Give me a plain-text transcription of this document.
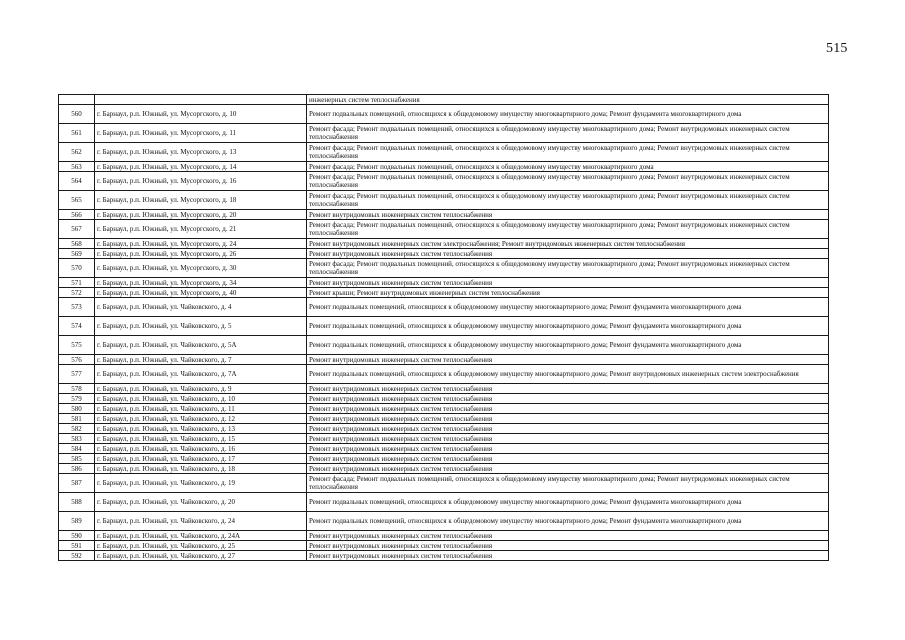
515
		инженерных систем теплоснабжения
560	г. Барнаул, р.п. Южный, ул. Мусоргского, д. 10	Ремонт подвальных помещений, относящихся к общедомовому имуществу многоквартирного дома; Ремонт фундамента многоквартирного дома
561	г. Барнаул, р.п. Южный, ул. Мусоргского, д. 11	Ремонт фасада; Ремонт подвальных помещений, относящихся к общедомовому имуществу многоквартирного дома; Ремонт внутридомовых инженерных систем теплоснабжения
562	г. Барнаул, р.п. Южный, ул. Мусоргского, д. 13	Ремонт фасада; Ремонт подвальных помещений, относящихся к общедомовому имуществу многоквартирного дома; Ремонт внутридомовых инженерных систем теплоснабжения
563	г. Барнаул, р.п. Южный, ул. Мусоргского, д. 14	Ремонт фасада; Ремонт подвальных помещений, относящихся к общедомовому имуществу многоквартирного дома
564	г. Барнаул, р.п. Южный, ул. Мусоргского, д. 16	Ремонт фасада; Ремонт подвальных помещений, относящихся к общедомовому имуществу многоквартирного дома; Ремонт внутридомовых инженерных систем теплоснабжения
565	г. Барнаул, р.п. Южный, ул. Мусоргского, д. 18	Ремонт фасада; Ремонт подвальных помещений, относящихся к общедомовому имуществу многоквартирного дома; Ремонт внутридомовых инженерных систем теплоснабжения
566	г. Барнаул, р.п. Южный, ул. Мусоргского, д. 20	Ремонт внутридомовых инженерных систем теплоснабжения
567	г. Барнаул, р.п. Южный, ул. Мусоргского, д. 21	Ремонт фасада; Ремонт подвальных помещений, относящихся к общедомовому имуществу многоквартирного дома; Ремонт внутридомовых инженерных систем теплоснабжения
568	г. Барнаул, р.п. Южный, ул. Мусоргского, д. 24	Ремонт внутридомовых инженерных систем электроснабжения; Ремонт внутридомовых инженерных систем теплоснабжения
569	г. Барнаул, р.п. Южный, ул. Мусоргского, д. 26	Ремонт внутридомовых инженерных систем теплоснабжения
570	г. Барнаул, р.п. Южный, ул. Мусоргского, д. 30	Ремонт фасада; Ремонт подвальных помещений, относящихся к общедомовому имуществу многоквартирного дома; Ремонт внутридомовых инженерных систем теплоснабжения
571	г. Барнаул, р.п. Южный, ул. Мусоргского, д. 34	Ремонт внутридомовых инженерных систем теплоснабжения
572	г. Барнаул, р.п. Южный, ул. Мусоргского, д. 40	Ремонт крыши; Ремонт внутридомовых инженерных систем теплоснабжения
573	г. Барнаул, р.п. Южный, ул. Чайковского, д. 4	Ремонт подвальных помещений, относящихся к общедомовому имуществу многоквартирного дома; Ремонт фундамента многоквартирного дома
574	г. Барнаул, р.п. Южный, ул. Чайковского, д. 5	Ремонт подвальных помещений, относящихся к общедомовому имуществу многоквартирного дома; Ремонт фундамента многоквартирного дома
575	г. Барнаул, р.п. Южный, ул. Чайковского, д. 5А	Ремонт подвальных помещений, относящихся к общедомовому имуществу многоквартирного дома; Ремонт фундамента многоквартирного дома
576	г. Барнаул, р.п. Южный, ул. Чайковского, д. 7	Ремонт внутридомовых инженерных систем теплоснабжения
577	г. Барнаул, р.п. Южный, ул. Чайковского, д. 7А	Ремонт подвальных помещений, относящихся к общедомовому имуществу многоквартирного дома; Ремонт внутридомовых инженерных систем электроснабжения
578	г. Барнаул, р.п. Южный, ул. Чайковского, д. 9	Ремонт внутридомовых инженерных систем теплоснабжения
579	г. Барнаул, р.п. Южный, ул. Чайковского, д. 10	Ремонт внутридомовых инженерных систем теплоснабжения
580	г. Барнаул, р.п. Южный, ул. Чайковского, д. 11	Ремонт внутридомовых инженерных систем теплоснабжения
581	г. Барнаул, р.п. Южный, ул. Чайковского, д. 12	Ремонт внутридомовых инженерных систем теплоснабжения
582	г. Барнаул, р.п. Южный, ул. Чайковского, д. 13	Ремонт внутридомовых инженерных систем теплоснабжения
583	г. Барнаул, р.п. Южный, ул. Чайковского, д. 15	Ремонт внутридомовых инженерных систем теплоснабжения
584	г. Барнаул, р.п. Южный, ул. Чайковского, д. 16	Ремонт внутридомовых инженерных систем теплоснабжения
585	г. Барнаул, р.п. Южный, ул. Чайковского, д. 17	Ремонт внутридомовых инженерных систем теплоснабжения
586	г. Барнаул, р.п. Южный, ул. Чайковского, д. 18	Ремонт внутридомовых инженерных систем теплоснабжения
587	г. Барнаул, р.п. Южный, ул. Чайковского, д. 19	Ремонт фасада; Ремонт подвальных помещений, относящихся к общедомовому имуществу многоквартирного дома; Ремонт внутридомовых инженерных систем теплоснабжения
588	г. Барнаул, р.п. Южный, ул. Чайковского, д. 20	Ремонт подвальных помещений, относящихся к общедомовому имуществу многоквартирного дома; Ремонт фундамента многоквартирного дома
589	г. Барнаул, р.п. Южный, ул. Чайковского, д. 24	Ремонт подвальных помещений, относящихся к общедомовому имуществу многоквартирного дома; Ремонт фундамента многоквартирного дома
590	г. Барнаул, р.п. Южный, ул. Чайковского, д. 24А	Ремонт внутридомовых инженерных систем теплоснабжения
591	г. Барнаул, р.п. Южный, ул. Чайковского, д. 25	Ремонт внутридомовых инженерных систем теплоснабжения
592	г. Барнаул, р.п. Южный, ул. Чайковского, д. 27	Ремонт внутридомовых инженерных систем теплоснабжения
